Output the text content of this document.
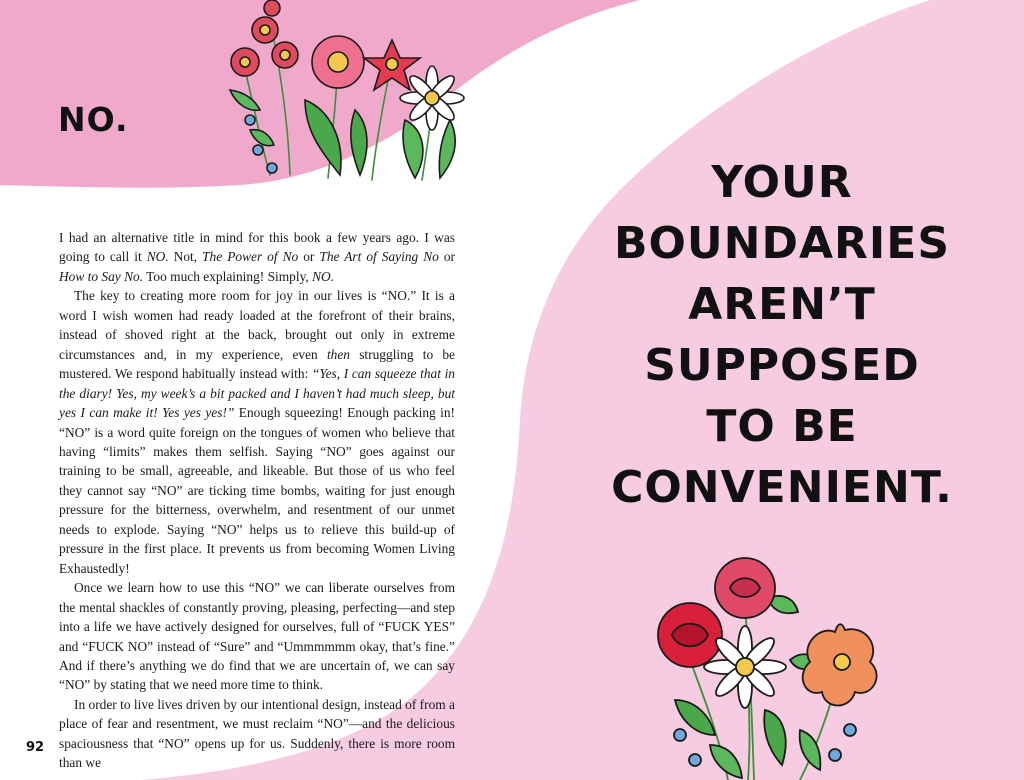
NO.

I had an alternative title in mind for this book a few years ago. I was going to call it NO. Not, The Power of No or The Art of Saying No or How to Say No. Too much explaining! Simply, NO.

The key to creating more room for joy in our lives is “NO.” It is a word I wish women had ready loaded at the forefront of their brains, instead of shoved right at the back, brought out only in extreme circumstances and, in my experience, even then struggling to be mustered. We respond habitually instead with: “Yes, I can squeeze that in the diary! Yes, my week’s a bit packed and I haven’t had much sleep, but yes I can make it! Yes yes yes!” Enough squeezing! Enough packing in! “NO” is a word quite foreign on the tongues of women who believe that having “limits” makes them selfish. Saying “NO” goes against our training to be small, agreeable, and likeable. But those of us who feel they cannot say “NO” are ticking time bombs, waiting for just enough pressure for the bitterness, overwhelm, and resentment of our unmet needs to explode. Saying “NO” helps us to relieve this build-up of pressure in the first place. It prevents us from becoming Women Living Exhaustedly!

Once we learn how to use this “NO” we can liberate ourselves from the mental shackles of constantly proving, pleasing, perfecting—and step into a life we have actively designed for ourselves, full of “FUCK YES” and “FUCK NO” instead of “Sure” and “Ummmmmm okay, that’s fine.” And if there’s anything we do find that we are uncertain of, we can say “NO” by stating that we need more time to think.

In order to live lives driven by our intentional design, instead of from a place of fear and resentment, we must reclaim “NO”—and the delicious spaciousness that “NO” opens up for us. Suddenly, there is more room than we

92
YOUR
BOUNDARIES
AREN’T
SUPPOSED
TO BE
CONVENIENT.
